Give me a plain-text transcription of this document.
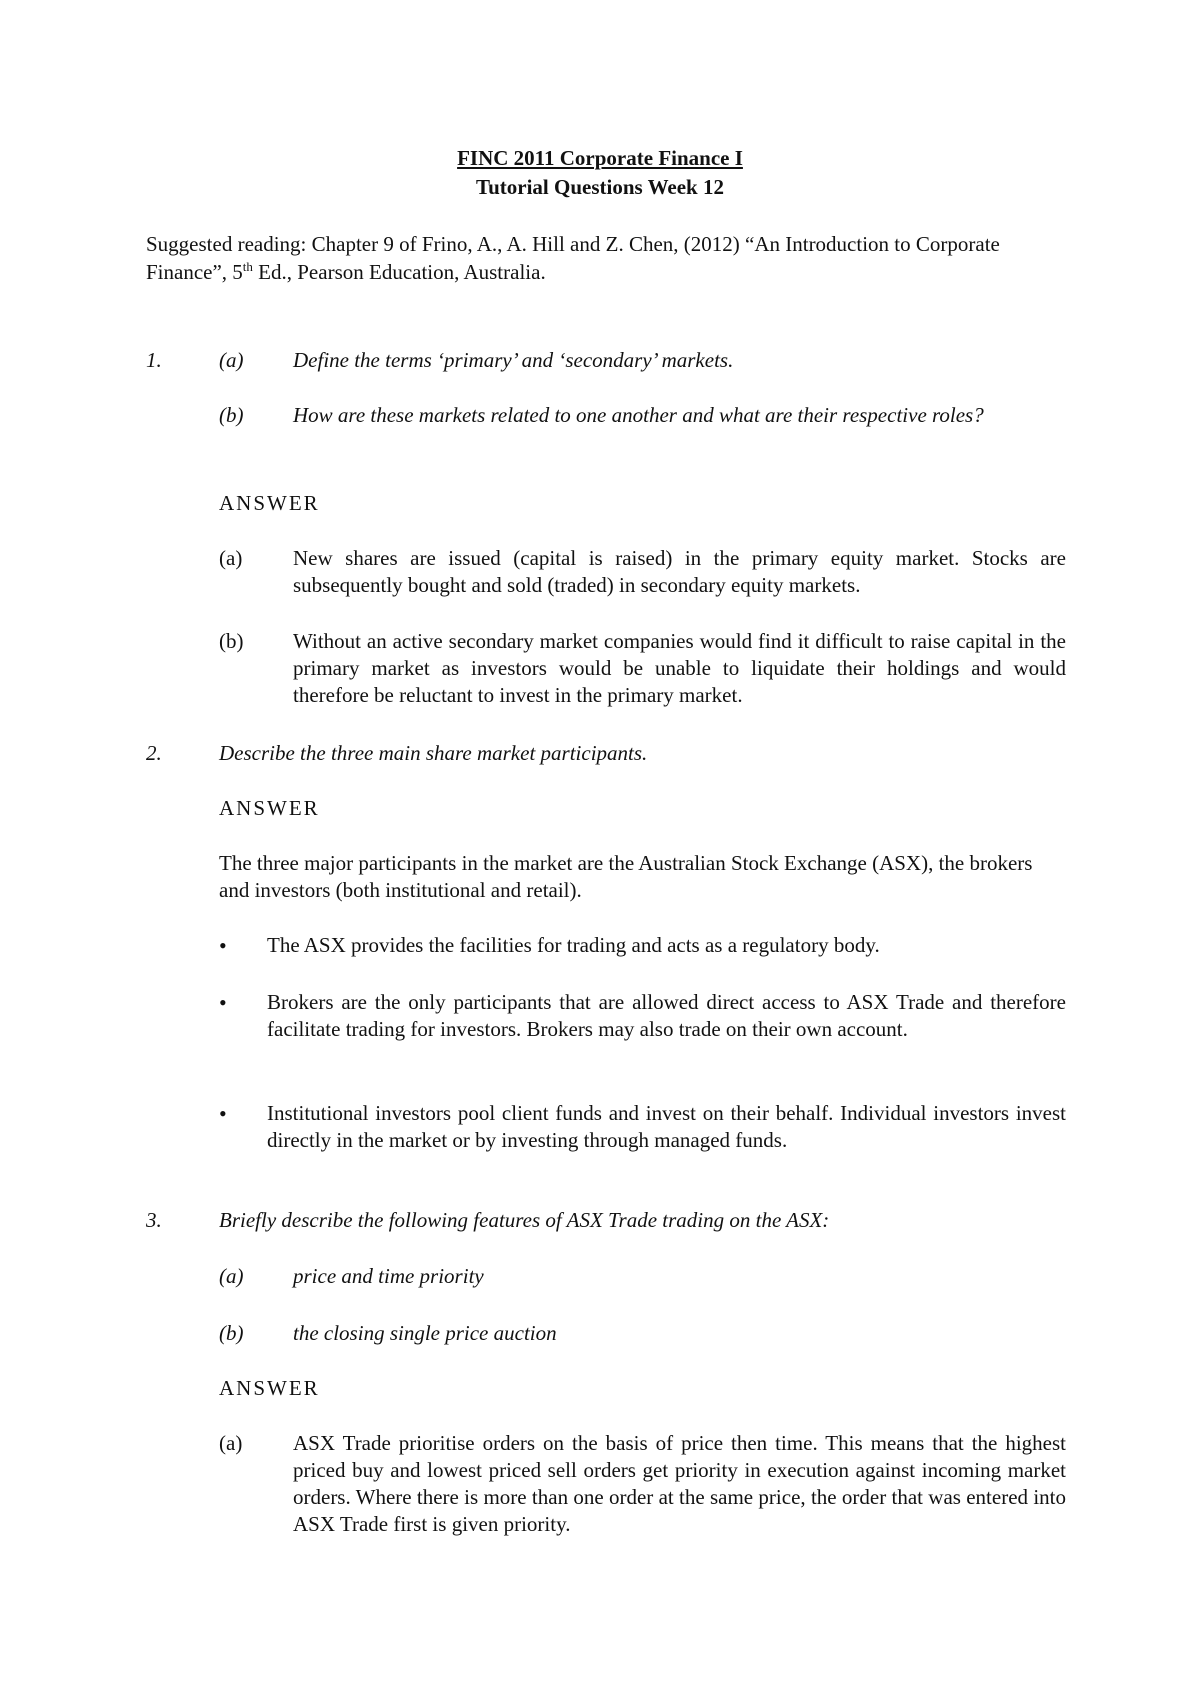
FINC 2011 Corporate Finance I
Tutorial Questions Week 12
Suggested reading: Chapter 9 of Frino, A., A. Hill and Z. Chen, (2012) “An Introduction to Corporate Finance”, 5th Ed., Pearson Education, Australia.
1.	(a) Define the terms ‘primary’ and ‘secondary’ markets.
(b) How are these markets related to one another and what are their respective roles?
ANSWER
(a) New shares are issued (capital is raised) in the primary equity market. Stocks are subsequently bought and sold (traded) in secondary equity markets.
(b) Without an active secondary market companies would find it difficult to raise capital in the primary market as investors would be unable to liquidate their holdings and would therefore be reluctant to invest in the primary market.
2.	Describe the three main share market participants.
ANSWER
The three major participants in the market are the Australian Stock Exchange (ASX), the brokers and investors (both institutional and retail).
•	The ASX provides the facilities for trading and acts as a regulatory body.
•	Brokers are the only participants that are allowed direct access to ASX Trade and therefore facilitate trading for investors. Brokers may also trade on their own account.
•	Institutional investors pool client funds and invest on their behalf. Individual investors invest directly in the market or by investing through managed funds.
3.	Briefly describe the following features of ASX Trade trading on the ASX:
(a) price and time priority
(b) the closing single price auction
ANSWER
(a) ASX Trade prioritise orders on the basis of price then time. This means that the highest priced buy and lowest priced sell orders get priority in execution against incoming market orders. Where there is more than one order at the same price, the order that was entered into ASX Trade first is given priority.
